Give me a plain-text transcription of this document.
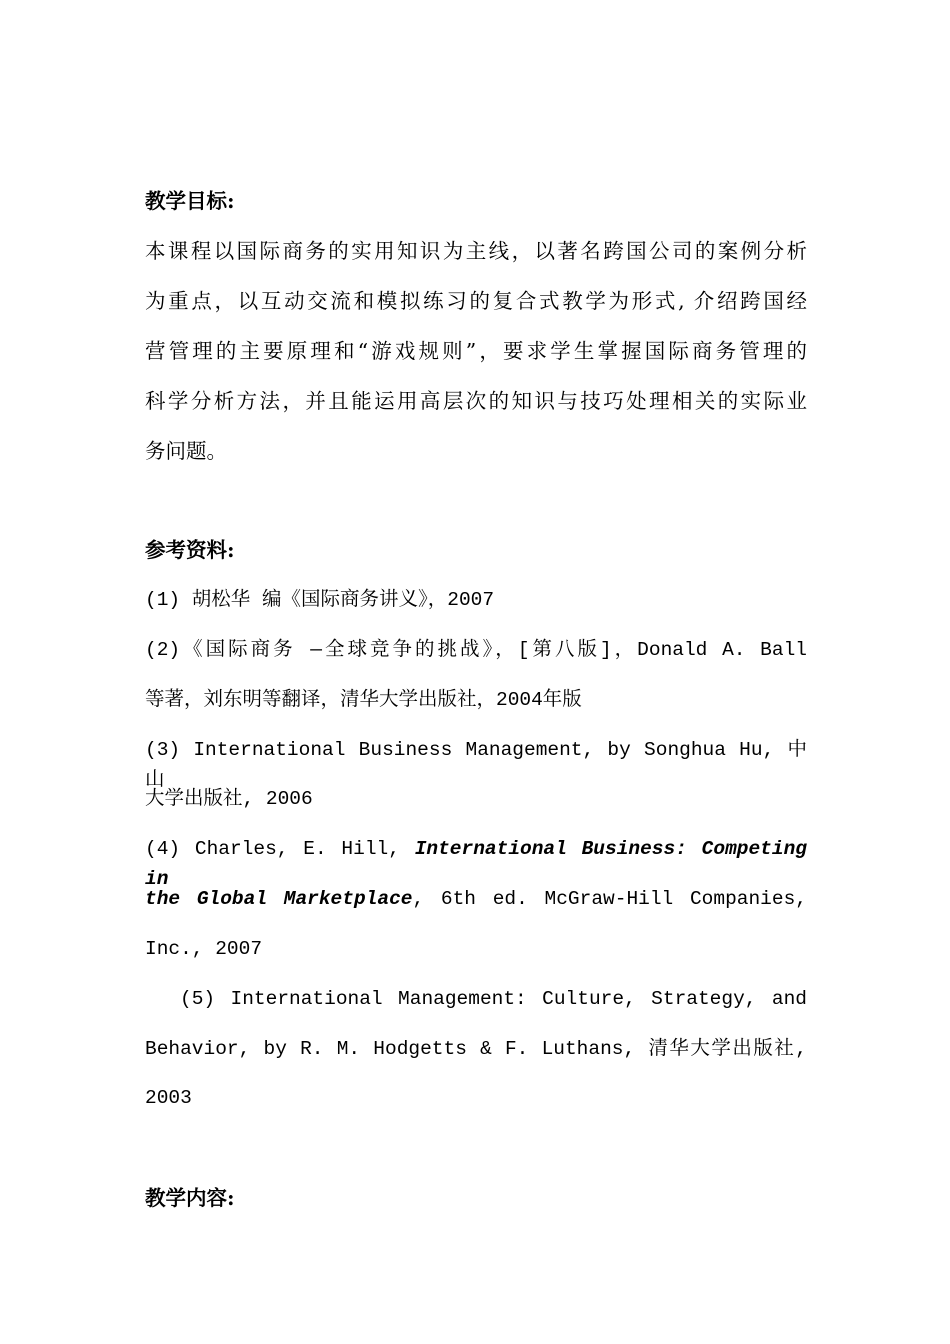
教学目标:
本课程以国际商务的实用知识为主线，以著名跨国公司的案例分析
为重点，以互动交流和模拟练习的复合式教学为形式, 介绍跨国经
营管理的主要原理和“游戏规则”，要求学生掌握国际商务管理的
科学分析方法，并且能运用高层次的知识与技巧处理相关的实际业
务问题。
参考资料:
(1) 胡松华 编《国际商务讲义》，2007
(2)《国际商务 —全球竞争的挑战》，[第八版]，Donald A. Ball
等著，刘东明等翻译，清华大学出版社，2004年版
(3) International Business Management, by Songhua Hu, 中山
大学出版社, 2006
(4) Charles, E. Hill, International Business: Competing in
the Global Marketplace, 6th ed. McGraw-Hill Companies,
Inc., 2007
(5) International Management: Culture, Strategy, and
Behavior, by R. M. Hodgetts & F. Luthans, 清华大学出版社,
2003
教学内容:
